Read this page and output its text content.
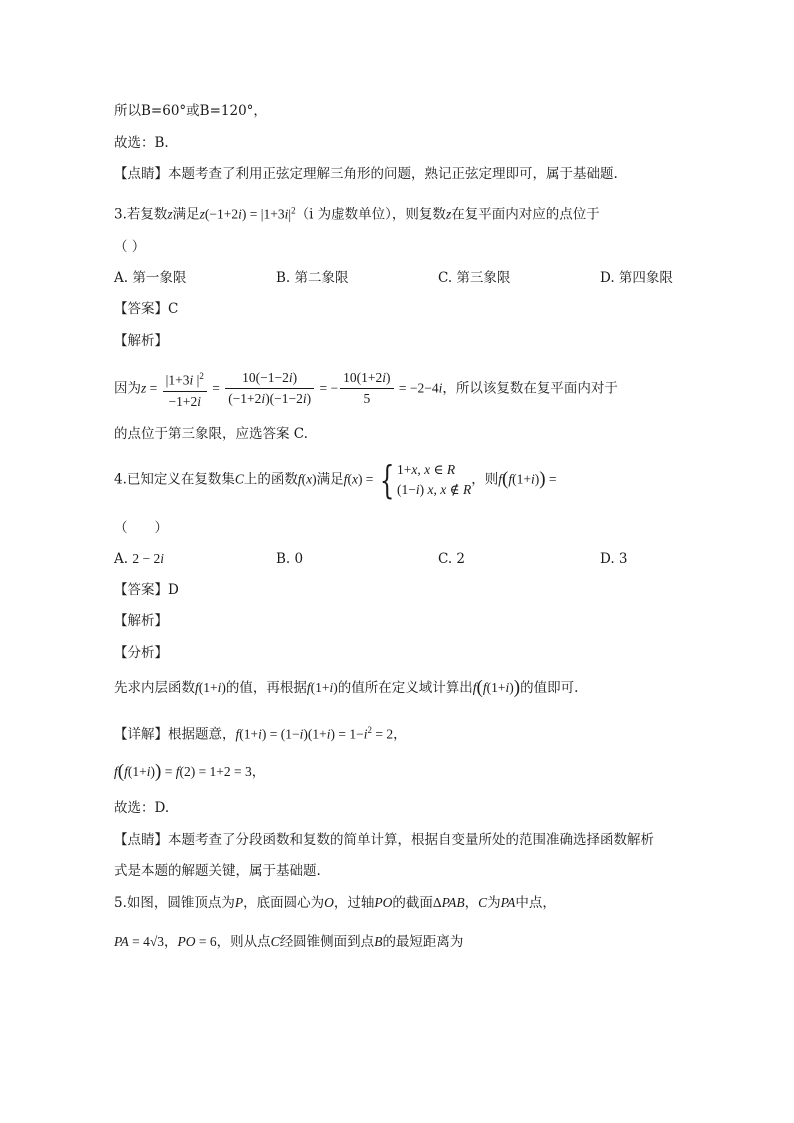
所以B=60°或B=120°，
故选：B.
【点睛】本题考查了利用正弦定理解三角形的问题，熟记正弦定理即可，属于基础题.
3.若复数z满足$z(-1+2i) = |1+3i|^2(i$ 为虚数单位），则复数z在复平面内对应的点位于
（ ）
A. 第一象限	B. 第二象限	C. 第三象限	D. 第四象限
【答案】C
【解析】
因为$z = \frac{|1+3i |^2}{-1+2i} = \frac{10(-1-2i)}{(-1+2i)(-1-2i)}$ = − $\frac{10(1+2i)}{5} = -2-4i$，所以该复数在复平面内对于
的点位于第三象限，应选答案 C.
4.已知定义在复数集C上的函数f(x)满足f(x) = { 1+x, x ∈ R
(1−i) x, x ∉ R
，则f(f(1+i)) =
（　　）
A. 2 − 2i	B. 0	C. 2	D. 3
【答案】D
【解析】
【分析】
先求内层函数f(1+i)的值，再根据f(1+i)的值所在定义域计算出f(f(1+i))的值即可.
【详解】根据题意，$f(1+i) = (1-i)(1+i) = 1-i^2 = 2$，
f(f(1+i)) = f(2) = 1+2 = 3，
故选：D.
【点睛】本题考查了分段函数和复数的简单计算，根据自变量所处的范围准确选择函数解析
式是本题的解题关键，属于基础题.
5.如图，圆锥顶点为P，底面圆心为O，过轴PO的截面ΔPAB，C为PA中点，
PA = 4√3，PO = 6，则从点C经圆锥侧面到点B的最短距离为
